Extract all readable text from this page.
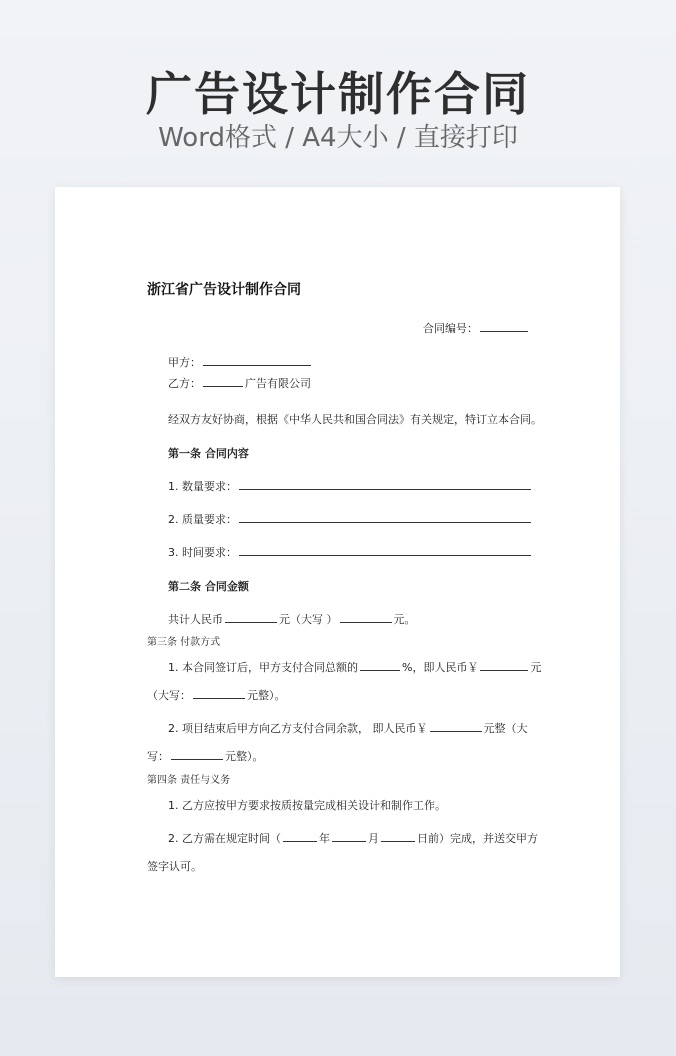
广告设计制作合同
Word格式 / A4大小 / 直接打印
浙江省广告设计制作合同
合同编号：
甲方：
乙方：	广告有限公司
经双方友好协商，根据《中华人民共和国合同法》有关规定，特订立本合同。
第一条 合同内容
1. 数量要求：
2. 质量要求：
3. 时间要求：
第二条 合同金额
共计人民币	元（大写 ）	元。
第三条 付款方式
1. 本合同签订后，甲方支付合同总额的	%，即人民币￥	元
（大写：	元整）。
2. 项目结束后甲方向乙方支付合同余款， 即人民币￥	元整（大
写：	元整）。
第四条 责任与义务
1. 乙方应按甲方要求按质按量完成相关设计和制作工作。
2. 乙方需在规定时间（	年	月	日前）完成，并送交甲方
签字认可。
